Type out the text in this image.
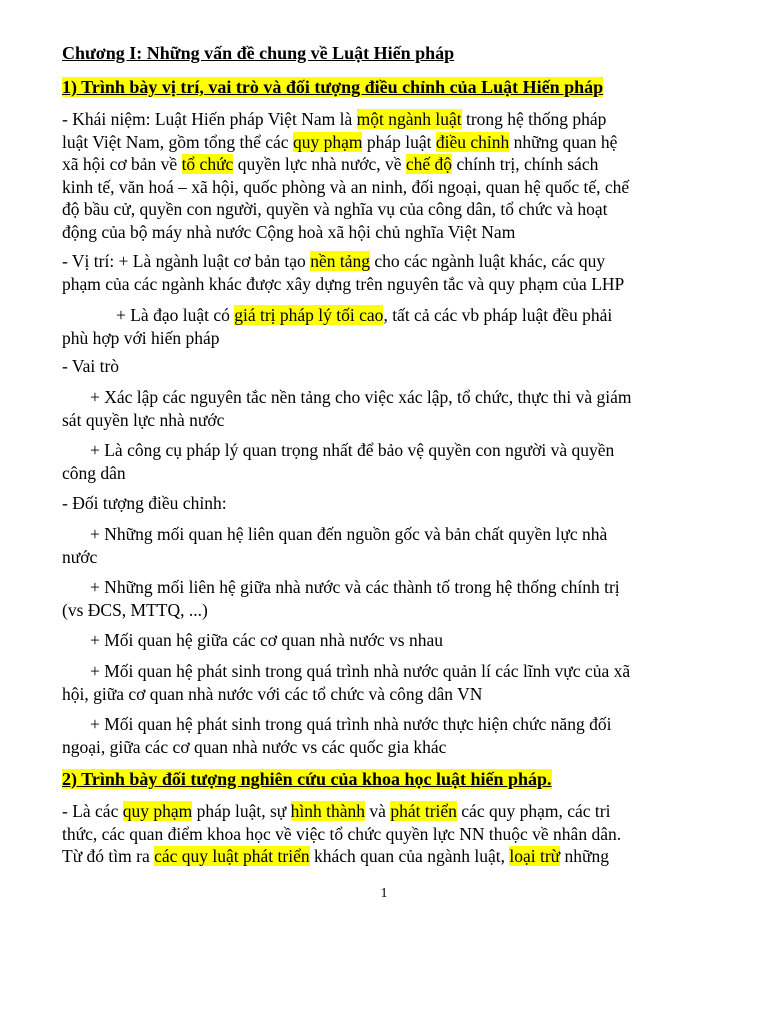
Chương I: Những vấn đề chung về Luật Hiến pháp
1) Trình bày vị trí, vai trò và đối tượng điều chỉnh của Luật Hiến pháp
- Khái niệm: Luật Hiến pháp Việt Nam là một ngành luật trong hệ thống pháp
luật Việt Nam, gồm tổng thể các quy phạm pháp luật điều chỉnh những quan hệ
xã hội cơ bản về tổ chức quyền lực nhà nước, về chế độ chính trị, chính sách
kinh tế, văn hoá – xã hội, quốc phòng và an ninh, đối ngoại, quan hệ quốc tế, chế
độ bầu cử, quyền con người, quyền và nghĩa vụ của công dân, tổ chức và hoạt
động của bộ máy nhà nước Cộng hoà xã hội chủ nghĩa Việt Nam
- Vị trí: + Là ngành luật cơ bản tạo nền tảng cho các ngành luật khác, các quy
phạm của các ngành khác được xây dựng trên nguyên tắc và quy phạm của LHP
+ Là đạo luật có giá trị pháp lý tối cao, tất cả các vb pháp luật đều phải
phù hợp với hiến pháp
- Vai trò
+ Xác lập các nguyên tắc nền tảng cho việc xác lập, tổ chức, thực thi và giám
sát quyền lực nhà nước
+ Là công cụ pháp lý quan trọng nhất để bảo vệ quyền con người và quyền
công dân
- Đối tượng điều chỉnh:
+ Những mối quan hệ liên quan đến nguồn gốc và bản chất quyền lực nhà
nước
+ Những mối liên hệ giữa nhà nước và các thành tố trong hệ thống chính trị
(vs ĐCS, MTTQ, ...)
+ Mối quan hệ giữa các cơ quan nhà nước vs nhau
+ Mối quan hệ phát sinh trong quá trình nhà nước quản lí các lĩnh vực của xã
hội, giữa cơ quan nhà nước với các tổ chức và công dân VN
+ Mối quan hệ phát sinh trong quá trình nhà nước thực hiện chức năng đối
ngoại, giữa các cơ quan nhà nước vs các quốc gia khác
2) Trình bày đối tượng nghiên cứu của khoa học luật hiến pháp.
- Là các quy phạm pháp luật, sự hình thành và phát triển các quy phạm, các tri
thức, các quan điểm khoa học về việc tổ chức quyền lực NN thuộc về nhân dân.
Từ đó tìm ra các quy luật phát triển khách quan của ngành luật, loại trừ những
1
